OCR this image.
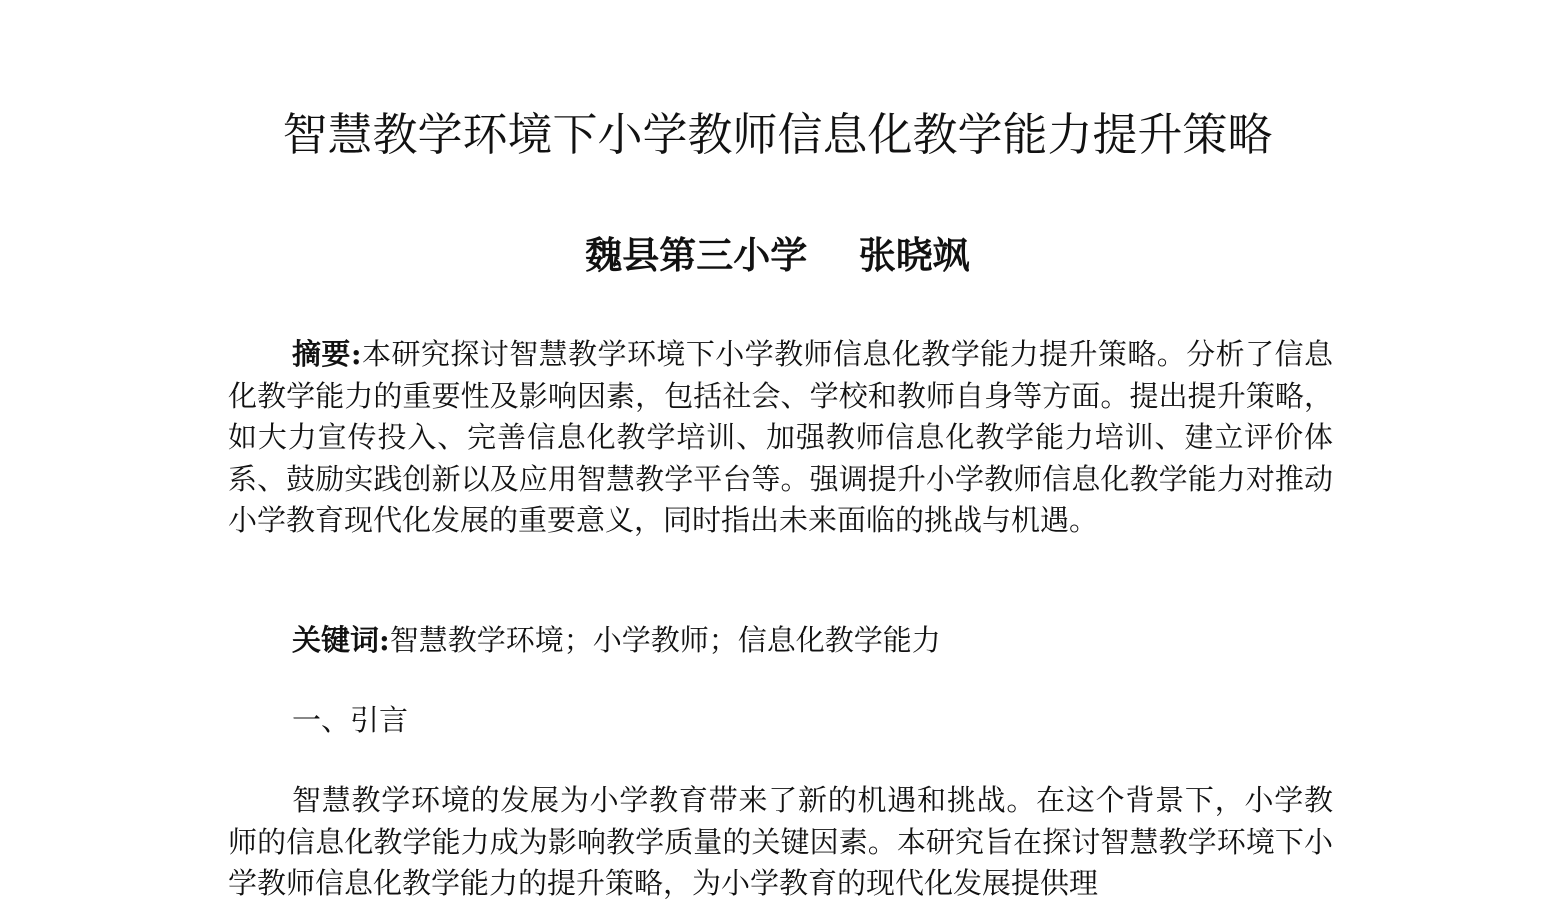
智慧教学环境下小学教师信息化教学能力提升策略
魏县第三小学    张晓飒

摘要:本研究探讨智慧教学环境下小学教师信息化教学能力提升策略。分析了信息化教学能力的重要性及影响因素，包括社会、学校和教师自身等方面。提出提升策略，如大力宣传投入、完善信息化教学培训、加强教师信息化教学能力培训、建立评价体系、鼓励实践创新以及应用智慧教学平台等。强调提升小学教师信息化教学能力对推动小学教育现代化发展的重要意义，同时指出未来面临的挑战与机遇。

关键词:智慧教学环境；小学教师；信息化教学能力

一、引言

智慧教学环境的发展为小学教育带来了新的机遇和挑战。在这个背景下，小学教师的信息化教学能力成为影响教学质量的关键因素。本研究旨在探讨智慧教学环境下小学教师信息化教学能力的提升策略，为小学教育的现代化发展提供理
